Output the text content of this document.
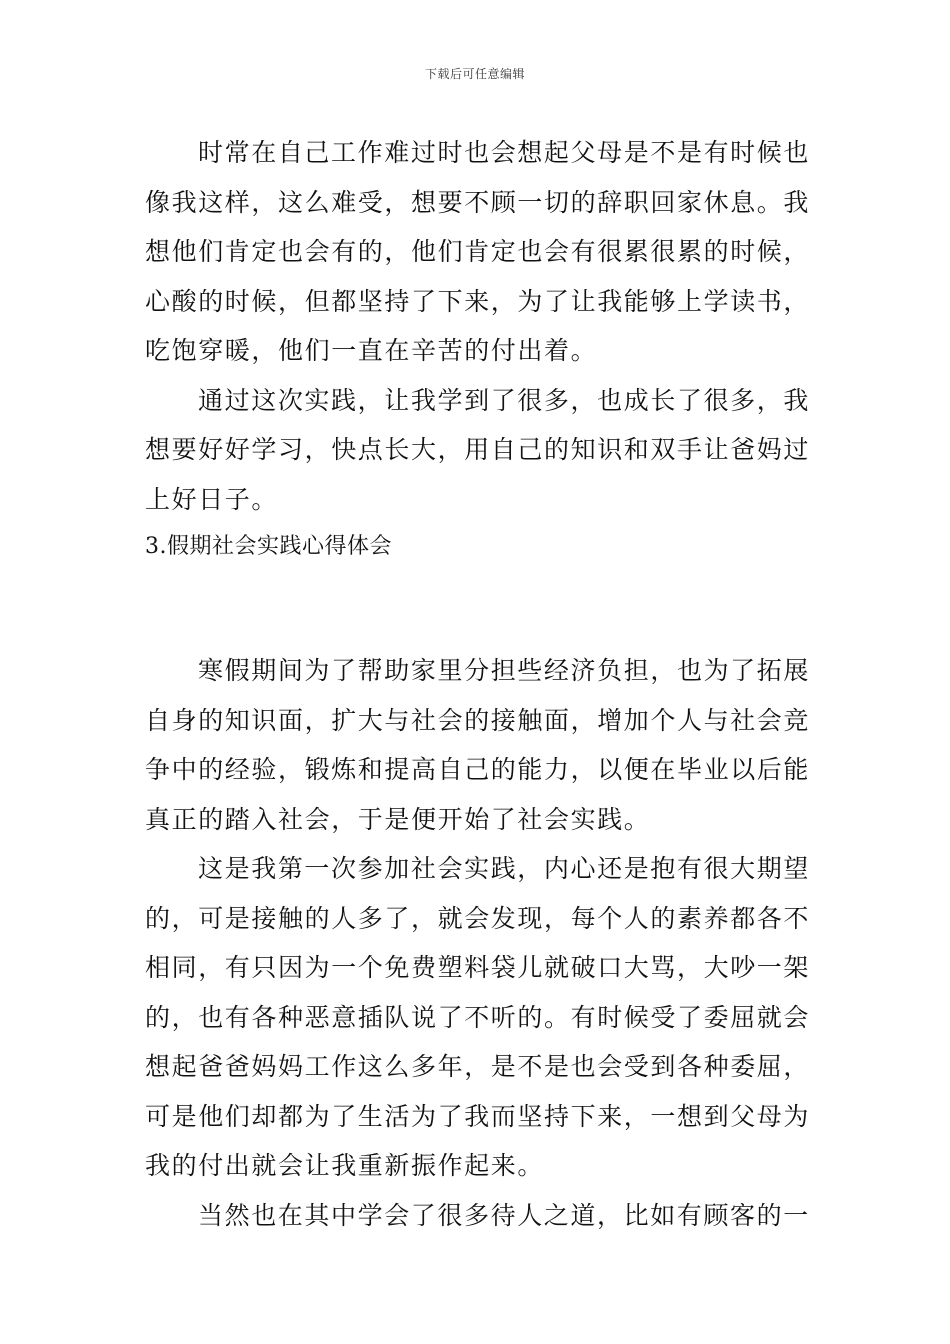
下载后可任意编辑

时常在自己工作难过时也会想起父母是不是有时候也像我这样，这么难受，想要不顾一切的辞职回家休息。我想他们肯定也会有的，他们肯定也会有很累很累的时候，心酸的时候，但都坚持了下来，为了让我能够上学读书，吃饱穿暖，他们一直在辛苦的付出着。

通过这次实践，让我学到了很多，也成长了很多，我想要好好学习，快点长大，用自己的知识和双手让爸妈过上好日子。

3.假期社会实践心得体会

寒假期间为了帮助家里分担些经济负担，也为了拓展自身的知识面，扩大与社会的接触面，增加个人与社会竞争中的经验，锻炼和提高自己的能力，以便在毕业以后能真正的踏入社会，于是便开始了社会实践。

这是我第一次参加社会实践，内心还是抱有很大期望的，可是接触的人多了，就会发现，每个人的素养都各不相同，有只因为一个免费塑料袋儿就破口大骂，大吵一架的，也有各种恶意插队说了不听的。有时候受了委屈就会想起爸爸妈妈工作这么多年，是不是也会受到各种委屈，可是他们却都为了生活为了我而坚持下来，一想到父母为我的付出就会让我重新振作起来。

当然也在其中学会了很多待人之道，比如有顾客的一
